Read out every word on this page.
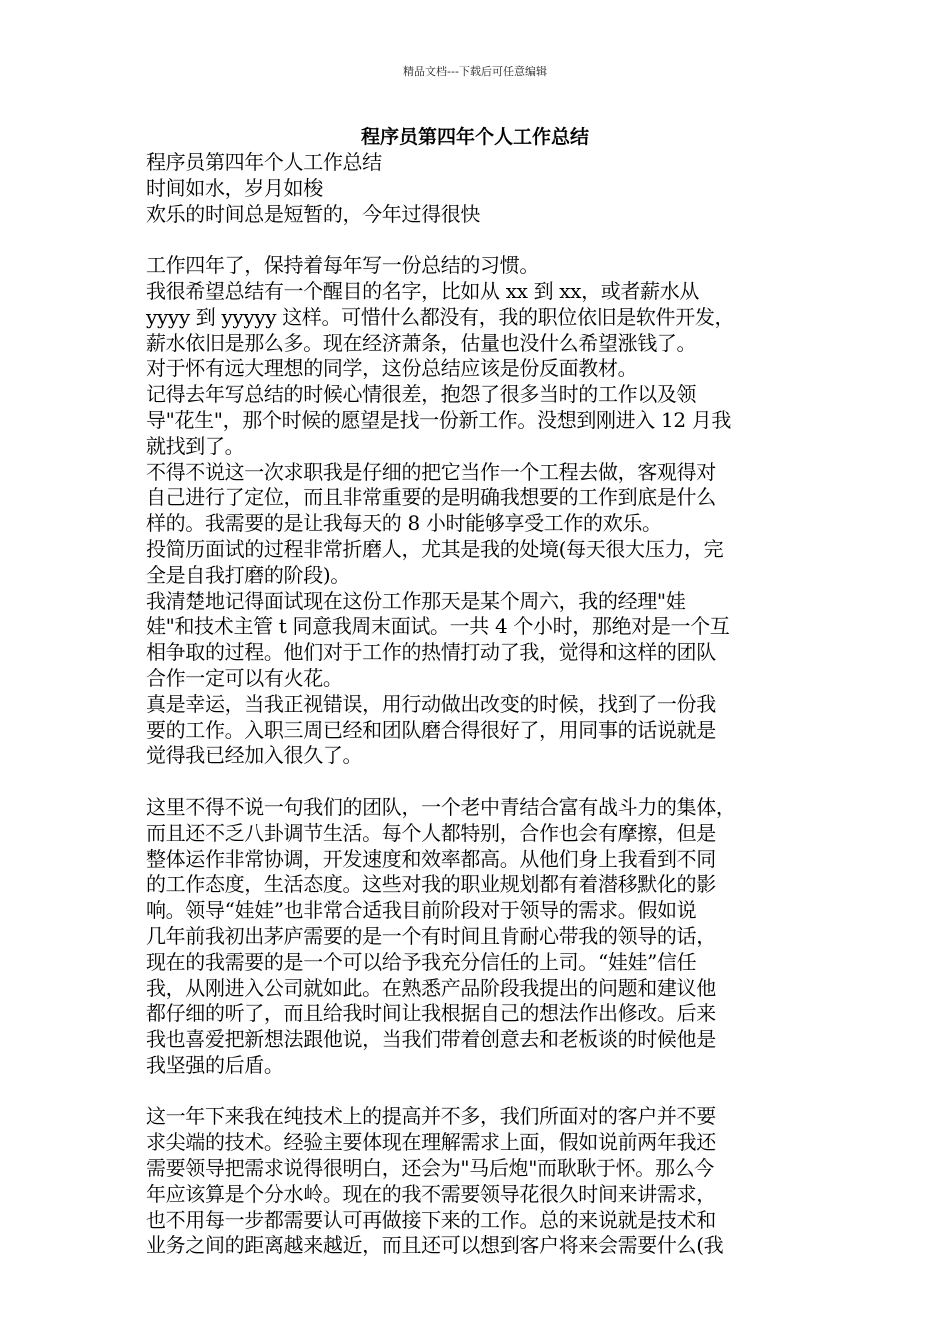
精品文档---下载后可任意编辑
程序员第四年个人工作总结

程序员第四年个人工作总结

时间如水，岁月如梭

欢乐的时间总是短暂的，今年过得很快

工作四年了，保持着每年写一份总结的习惯。

我很希望总结有一个醒目的名字，比如从 xx 到 xx，或者薪水从
yyyy 到 yyyyy 这样。可惜什么都没有，我的职位依旧是软件开发，
薪水依旧是那么多。现在经济萧条，估量也没什么希望涨钱了。

对于怀有远大理想的同学，这份总结应该是份反面教材。

记得去年写总结的时候心情很差，抱怨了很多当时的工作以及领
导"花生"，那个时候的愿望是找一份新工作。没想到刚进入 12 月我
就找到了。

不得不说这一次求职我是仔细的把它当作一个工程去做，客观得对
自己进行了定位，而且非常重要的是明确我想要的工作到底是什么
样的。我需要的是让我每天的 8 小时能够享受工作的欢乐。

投简历面试的过程非常折磨人，尤其是我的处境(每天很大压力，完
全是自我打磨的阶段)。

我清楚地记得面试现在这份工作那天是某个周六，我的经理"娃
娃"和技术主管 t 同意我周末面试。一共 4 个小时，那绝对是一个互
相争取的过程。他们对于工作的热情打动了我，觉得和这样的团队
合作一定可以有火花。

真是幸运，当我正视错误，用行动做出改变的时候，找到了一份我
要的工作。入职三周已经和团队磨合得很好了，用同事的话说就是
觉得我已经加入很久了。

这里不得不说一句我们的团队，一个老中青结合富有战斗力的集体，
而且还不乏八卦调节生活。每个人都特别，合作也会有摩擦，但是
整体运作非常协调，开发速度和效率都高。从他们身上我看到不同
的工作态度，生活态度。这些对我的职业规划都有着潜移默化的影
响。领导“娃娃”也非常合适我目前阶段对于领导的需求。假如说
几年前我初出茅庐需要的是一个有时间且肯耐心带我的领导的话，
现在的我需要的是一个可以给予我充分信任的上司。“娃娃”信任
我，从刚进入公司就如此。在熟悉产品阶段我提出的问题和建议他
都仔细的听了，而且给我时间让我根据自己的想法作出修改。后来
我也喜爱把新想法跟他说，当我们带着创意去和老板谈的时候他是
我坚强的后盾。

这一年下来我在纯技术上的提高并不多，我们所面对的客户并不要
求尖端的技术。经验主要体现在理解需求上面，假如说前两年我还
需要领导把需求说得很明白，还会为"马后炮"而耿耿于怀。那么今
年应该算是个分水岭。现在的我不需要领导花很久时间来讲需求，
也不用每一步都需要认可再做接下来的工作。总的来说就是技术和
业务之间的距离越来越近，而且还可以想到客户将来会需要什么(我
